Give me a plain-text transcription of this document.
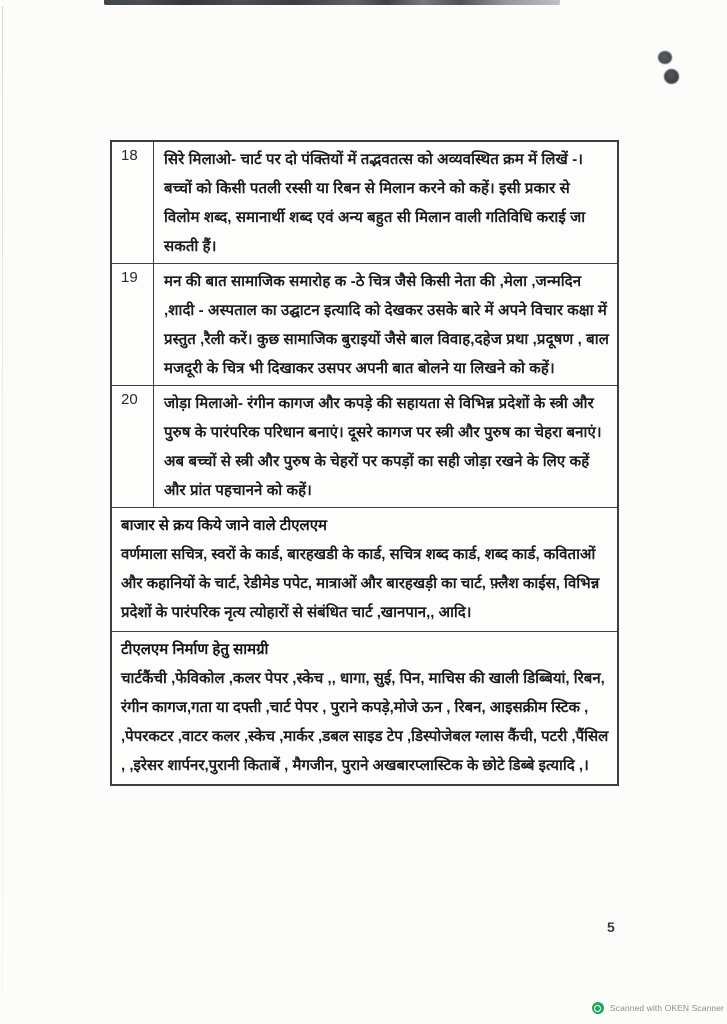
18	सिरे मिलाओ- चार्ट पर दो पंक्तियों में तद्भवतत्स को अव्यवस्थित क्रम में लिखें -। बच्चों को किसी पतली रस्सी या रिबन से मिलान करने को कहें। इसी प्रकार से विलोम शब्द, समानार्थी शब्द एवं अन्य बहुत सी मिलान वाली गतिविधि कराई जा सकती हैं।
19	मन की बात सामाजिक समारोह क -ठे चित्र जैसे किसी नेता की ,मेला ,जन्मदिन ,शादी - अस्पताल का उद्घाटन इत्यादि को देखकर उसके बारे में अपने विचार कक्षा में प्रस्तुत ,रैली करें। कुछ सामाजिक बुराइयों जैसे बाल विवाह,दहेज प्रथा ,प्रदूषण , बाल मजदूरी के चित्र भी दिखाकर उसपर अपनी बात बोलने या लिखने को कहें।
20	जोड़ा मिलाओ- रंगीन कागज और कपड़े की सहायता से विभिन्न प्रदेशों के स्त्री और पुरुष के पारंपरिक परिधान बनाएं। दूसरे कागज पर स्त्री और पुरुष का चेहरा बनाएं। अब बच्चों से स्त्री और पुरुष के चेहरों पर कपड़ों का सही जोड़ा रखने के लिए कहें और प्रांत पहचानने को कहें।
बाजार से क्रय किये जाने वाले टीएलएम
वर्णमाला सचित्र, स्वरों के कार्ड, बारहखडी के कार्ड, सचित्र शब्द कार्ड, शब्द कार्ड, कविताओं और कहानियों के चार्ट, रेडीमेड पपेट, मात्राओं और बारहखड़ी का चार्ट, फ़्लैश काईस, विभिन्न प्रदेशों के पारंपरिक नृत्य त्योहारों से संबंधित चार्ट ,खानपान,, आदि।
टीएलएम निर्माण हेतु सामग्री
चार्टकैंची ,फेविकोल ,कलर पेपर ,स्केच ,, धागा, सुई, पिन, माचिस की खाली डिब्बियां, रिबन, रंगीन कागज,गता या दफ्ती ,चार्ट पेपर , पुराने कपड़े,मोजे ऊन , रिबन, आइसक्रीम स्टिक , ,पेपरकटर ,वाटर कलर ,स्केच ,मार्कर ,डबल साइड टेप ,डिस्पोजेबल ग्लास कैंची, पटरी ,पैंसिल , ,इरेसर शार्पनर,पुरानी किताबें , मैगजीन, पुराने अखबारप्लास्टिक के छोटे डिब्बे इत्यादि ,।
5
Scanned with OKEN Scanner
